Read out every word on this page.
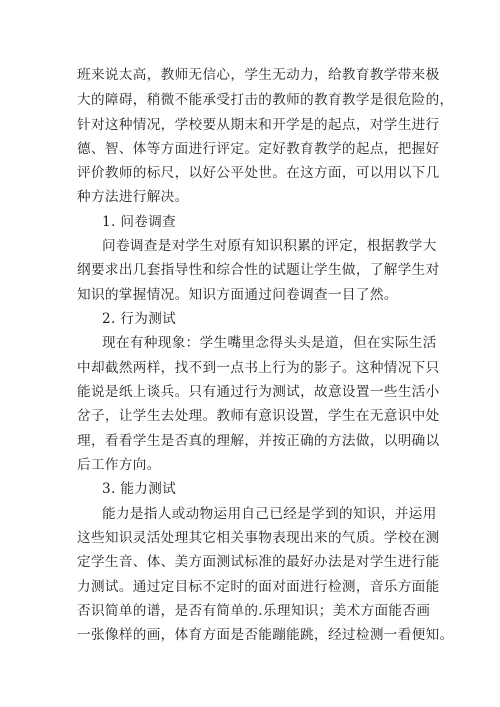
班来说太高，教师无信心，学生无动力，给教育教学带来极
大的障碍，稍微不能承受打击的教师的教育教学是很危险的，
针对这种情况，学校要从期末和开学是的起点，对学生进行
德、智、体等方面进行评定。定好教育教学的起点，把握好
评价教师的标尺，以好公平处世。在这方面，可以用以下几
种方法进行解决。
1. 问卷调查
问卷调查是对学生对原有知识积累的评定，根据教学大
纲要求出几套指导性和综合性的试题让学生做，了解学生对
知识的掌握情况。知识方面通过问卷调查一目了然。
2. 行为测试
现在有种现象：学生嘴里念得头头是道，但在实际生活
中却截然两样，找不到一点书上行为的影子。这种情况下只
能说是纸上谈兵。只有通过行为测试，故意设置一些生活小
岔子，让学生去处理。教师有意识设置，学生在无意识中处
理，看看学生是否真的理解，并按正确的方法做，以明确以
后工作方向。
3. 能力测试
能力是指人或动物运用自己已经是学到的知识，并运用
这些知识灵活处理其它相关事物表现出来的气质。学校在测
定学生音、体、美方面测试标准的最好办法是对学生进行能
力测试。通过定目标不定时的面对面进行检测，音乐方面能
否识简单的谱，是否有简单的.乐理知识；美术方面能否画
一张像样的画，体育方面是否能蹦能跳，经过检测一看便知。
